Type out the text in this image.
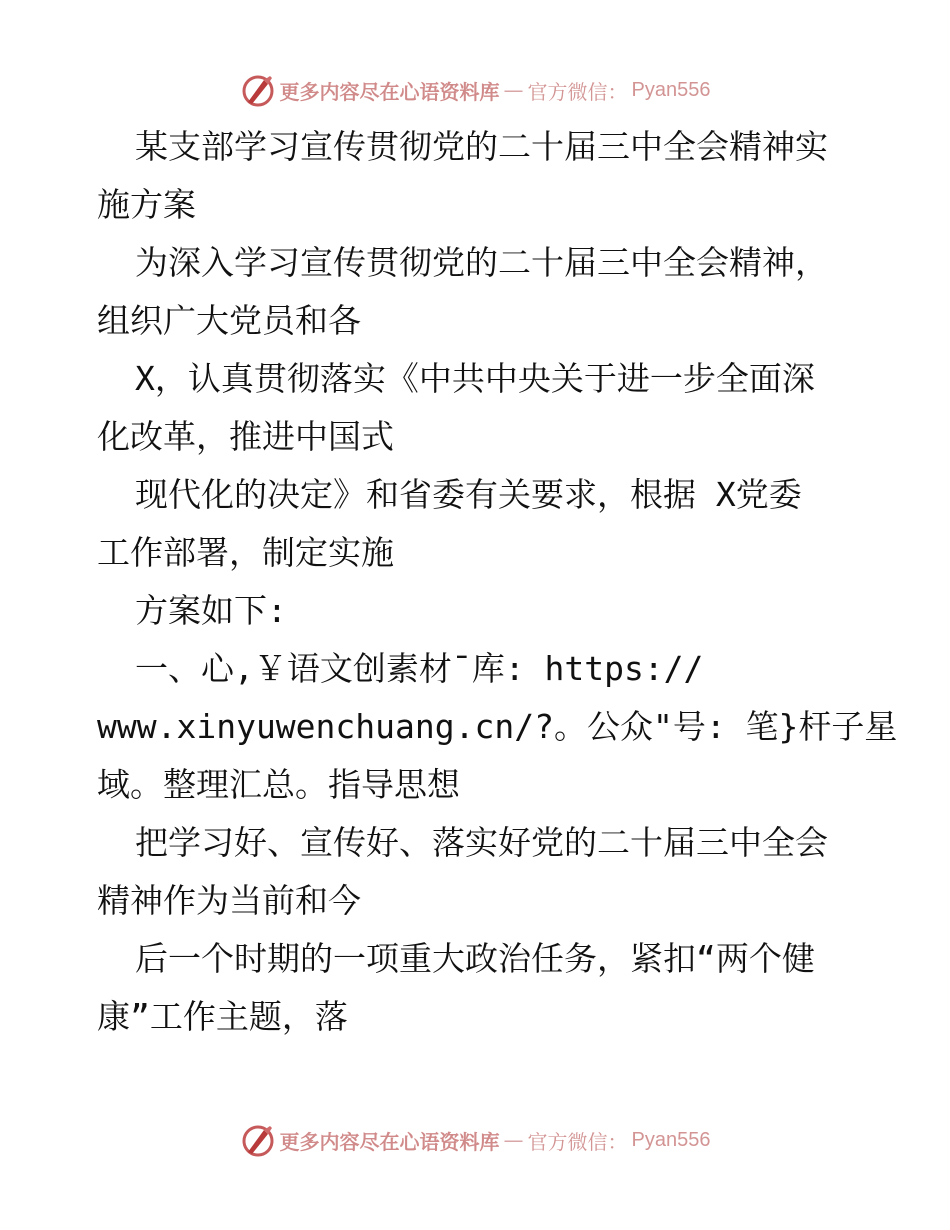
更多内容尽在心语资料库 — 官方微信： Pyan556
某支部学习宣传贯彻党的二十届三中全会精神实
施方案
为深入学习宣传贯彻党的二十届三中全会精神，
组织广大党员和各
X，认真贯彻落实《中共中央关于进一步全面深
化改革，推进中国式
现代化的决定》和省委有关要求，根据 X党委
工作部署，制定实施
方案如下:
一、心,￥语文创素材¯库: https://
www.xinyuwenchuang.cn/?。公众"号: 笔}杆子星
域。整理汇总。指导思想
把学习好、宣传好、落实好党的二十届三中全会
精神作为当前和今
后一个时期的一项重大政治任务，紧扣“两个健
康”工作主题，落
更多内容尽在心语资料库 — 官方微信： Pyan556
